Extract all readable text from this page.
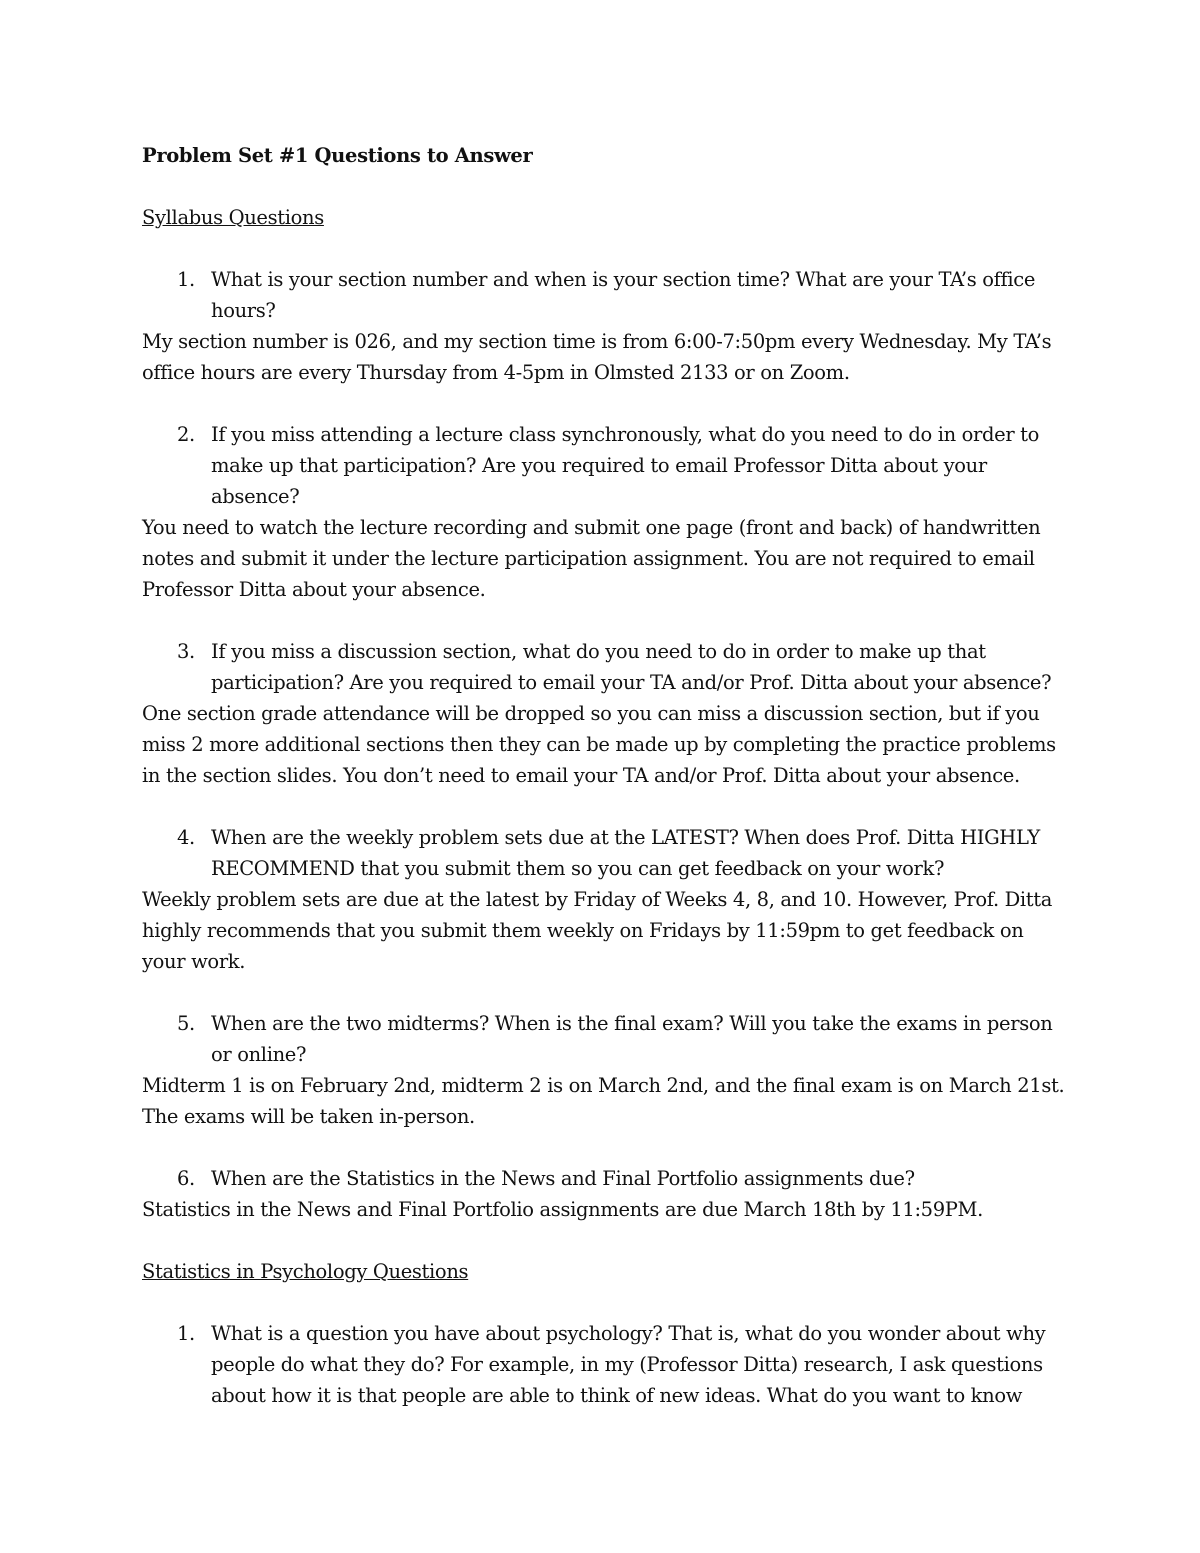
Problem Set #1 Questions to Answer

Syllabus Questions

1. What is your section number and when is your section time? What are your TA’s office hours?

My section number is 026, and my section time is from 6:00-7:50pm every Wednesday. My TA’s office hours are every Thursday from 4-5pm in Olmsted 2133 or on Zoom.

2. If you miss attending a lecture class synchronously, what do you need to do in order to make up that participation? Are you required to email Professor Ditta about your absence?

You need to watch the lecture recording and submit one page (front and back) of handwritten notes and submit it under the lecture participation assignment. You are not required to email Professor Ditta about your absence.

3. If you miss a discussion section, what do you need to do in order to make up that participation? Are you required to email your TA and/or Prof. Ditta about your absence?

One section grade attendance will be dropped so you can miss a discussion section, but if you miss 2 more additional sections then they can be made up by completing the practice problems in the section slides. You don’t need to email your TA and/or Prof. Ditta about your absence.

4. When are the weekly problem sets due at the LATEST? When does Prof. Ditta HIGHLY RECOMMEND that you submit them so you can get feedback on your work?

Weekly problem sets are due at the latest by Friday of Weeks 4, 8, and 10. However, Prof. Ditta highly recommends that you submit them weekly on Fridays by 11:59pm to get feedback on your work.

5. When are the two midterms? When is the final exam? Will you take the exams in person or online?

Midterm 1 is on February 2nd, midterm 2 is on March 2nd, and the final exam is on March 21st. The exams will be taken in-person.

6. When are the Statistics in the News and Final Portfolio assignments due?

Statistics in the News and Final Portfolio assignments are due March 18th by 11:59PM.

Statistics in Psychology Questions

1. What is a question you have about psychology? That is, what do you wonder about why people do what they do? For example, in my (Professor Ditta) research, I ask questions about how it is that people are able to think of new ideas. What do you want to know
